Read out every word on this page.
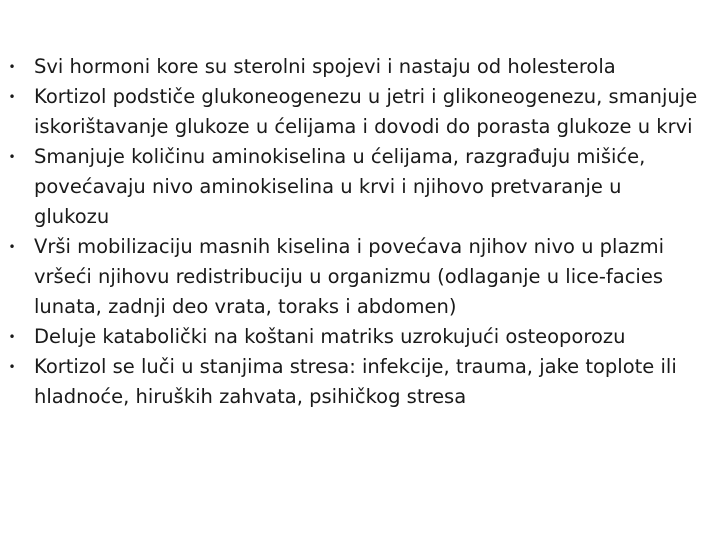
• Svi hormoni kore su sterolni spojevi i nastaju od holesterola
• Kortizol podstiče glukoneogenezu u jetri i glikoneogenezu, smanjuje iskorištavanje glukoze u ćelijama i dovodi do porasta glukoze u krvi
• Smanjuje količinu aminokiselina u ćelijama, razgrađuju mišiće, povećavaju nivo aminokiselina u krvi i njihovo pretvaranje u glukozu
• Vrši mobilizaciju masnih kiselina i povećava njihov nivo u plazmi vršeći njihovu redistribuciju u organizmu (odlaganje u lice-facies lunata, zadnji deo vrata, toraks i abdomen)
• Deluje katabolički na koštani matriks uzrokujući osteoporozu
• Kortizol se luči u stanjima stresa: infekcije, trauma, jake toplote ili hladnoće, hiruških zahvata, psihičkog stresa
